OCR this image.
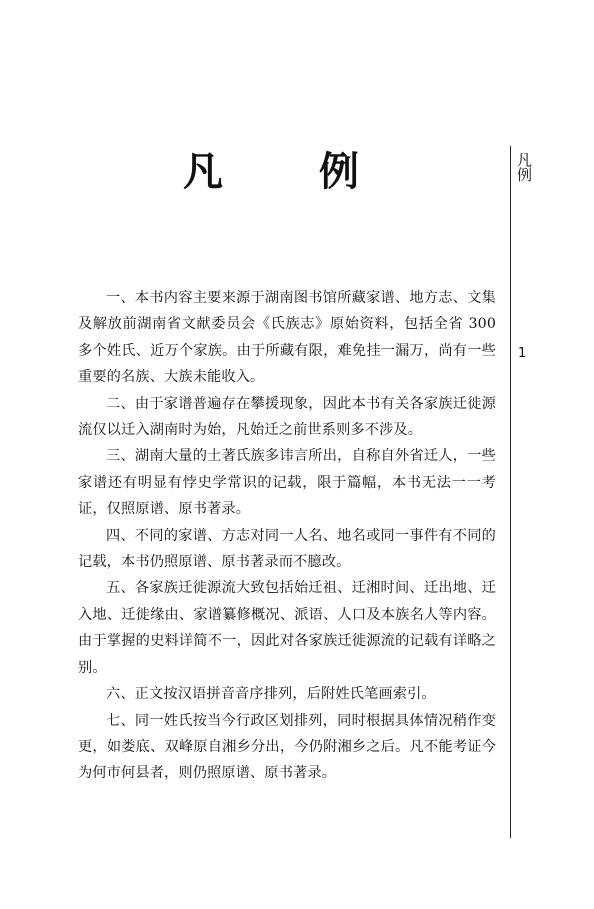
凡　例	凡例
1

一、本书内容主要来源于湖南图书馆所藏家谱、地方志、文集及解放前湖南省文献委员会《氏族志》原始资料，包括全省 300 多个姓氏、近万个家族。由于所藏有限，难免挂一漏万，尚有一些重要的名族、大族未能收入。

二、由于家谱普遍存在攀援现象，因此本书有关各家族迁徙源流仅以迁入湖南时为始，凡始迁之前世系则多不涉及。

三、湖南大量的土著氏族多讳言所出，自称自外省迁人，一些家谱还有明显有悖史学常识的记载，限于篇幅，本书无法一一考证，仅照原谱、原书著录。

四、不同的家谱、方志对同一人名、地名或同一事件有不同的记载，本书仍照原谱、原书著录而不臆改。

五、各家族迁徙源流大致包括始迁祖、迁湘时间、迁出地、迁入地、迁徙缘由、家谱纂修概况、派语、人口及本族名人等内容。由于掌握的史料详简不一，因此对各家族迁徙源流的记载有详略之别。

六、正文按汉语拼音音序排列，后附姓氏笔画索引。

七、同一姓氏按当今行政区划排列，同时根据具体情况稍作变更，如娄底、双峰原自湘乡分出，今仍附湘乡之后。凡不能考证今为何市何县者，则仍照原谱、原书著录。
